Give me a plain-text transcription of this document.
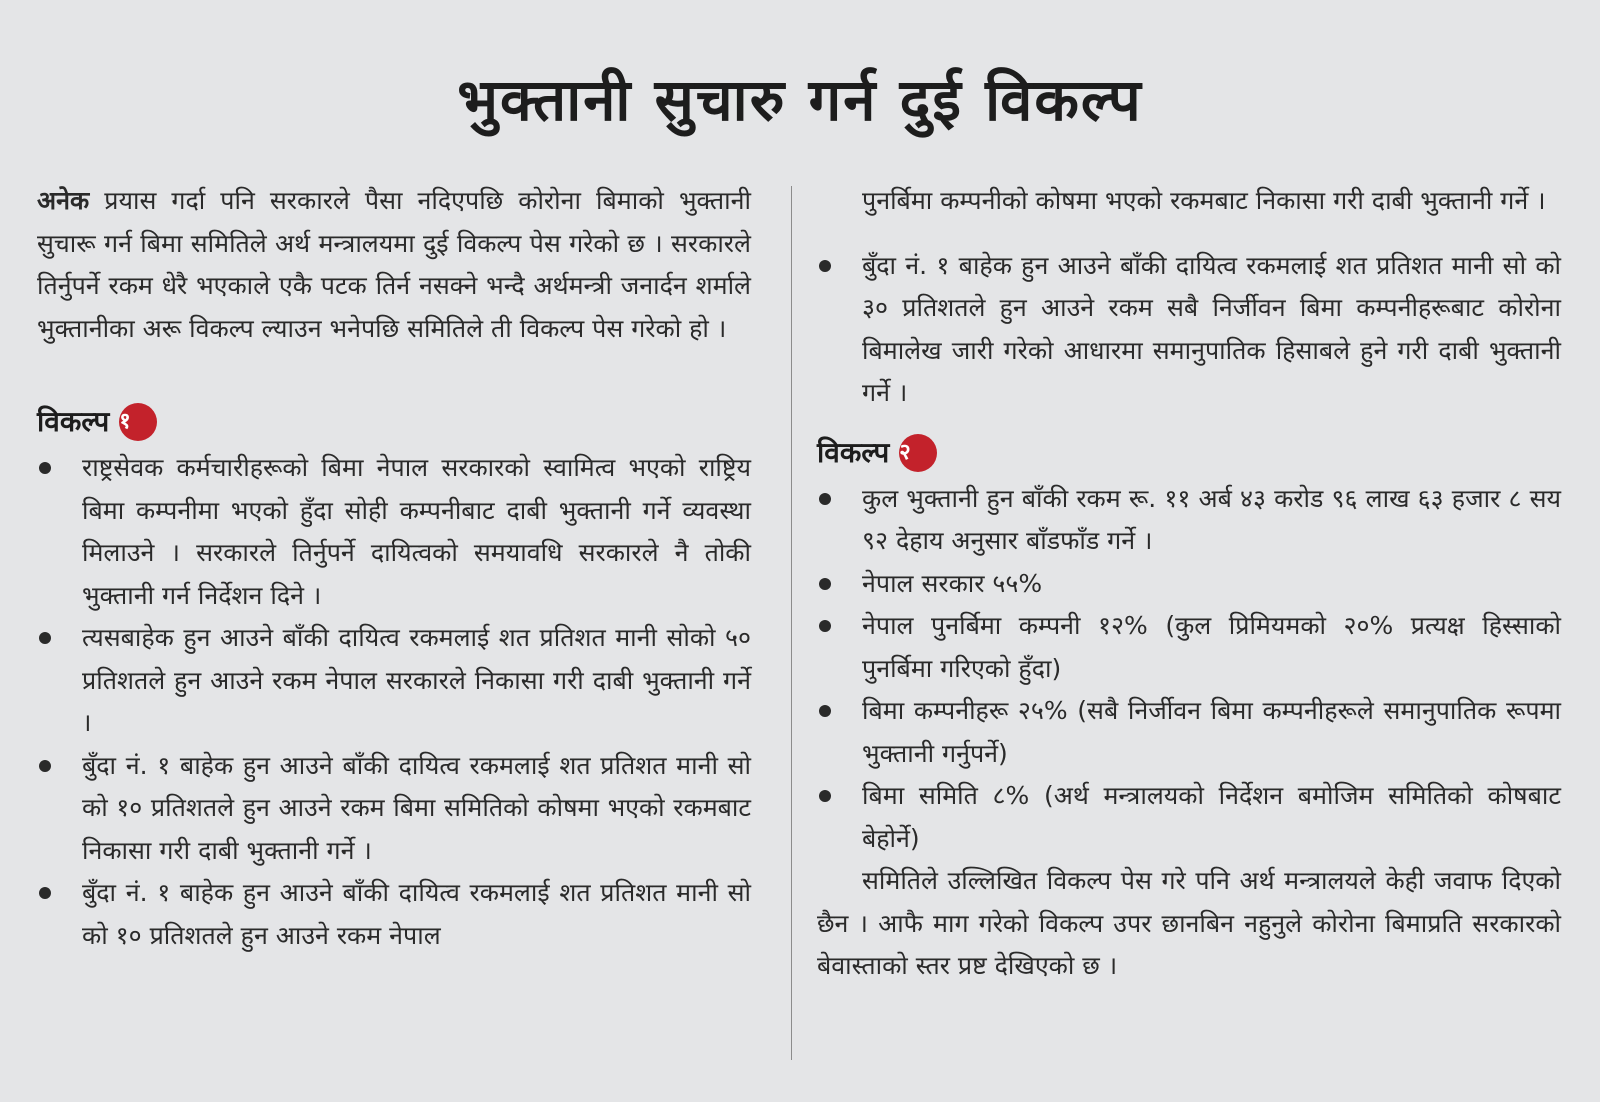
भुक्तानी सुचारु गर्न दुई विकल्प

अनेक प्रयास गर्दा पनि सरकारले पैसा नदिएपछि कोरोना बिमाको भुक्तानी सुचारू गर्न बिमा समितिले अर्थ मन्त्रालयमा दुई विकल्प पेस गरेको छ । सरकारले तिर्नुपर्ने रकम धेरै भएकाले एकै पटक तिर्न नसक्ने भन्दै अर्थमन्त्री जनार्दन शर्माले भुक्तानीका अरू विकल्प ल्याउन भनेपछि समितिले ती विकल्प पेस गरेको हो ।

विकल्प १
राष्ट्रसेवक कर्मचारीहरूको बिमा नेपाल सरकारको स्वामित्व भएको राष्ट्रिय बिमा कम्पनीमा भएको हुँदा सोही कम्पनीबाट दाबी भुक्तानी गर्ने व्यवस्था मिलाउने । सरकारले तिर्नुपर्ने दायित्वको समयावधि सरकारले नै तोकी भुक्तानी गर्न निर्देशन दिने ।
त्यसबाहेक हुन आउने बाँकी दायित्व रकमलाई शत प्रतिशत मानी सोको ५० प्रतिशतले हुन आउने रकम नेपाल सरकारले निकासा गरी दाबी भुक्तानी गर्ने ।
बुँदा नं. १ बाहेक हुन आउने बाँकी दायित्व रकमलाई शत प्रतिशत मानी सो को १० प्रतिशतले हुन आउने रकम बिमा समितिको कोषमा भएको रकमबाट निकासा गरी दाबी भुक्तानी गर्ने ।
बुँदा नं. १ बाहेक हुन आउने बाँकी दायित्व रकमलाई शत प्रतिशत मानी सो को १० प्रतिशतले हुन आउने रकम नेपाल

पुनर्बिमा कम्पनीको कोषमा भएको रकमबाट निकासा गरी दाबी भुक्तानी गर्ने ।

बुँदा नं. १ बाहेक हुन आउने बाँकी दायित्व रकमलाई शत प्रतिशत मानी सो को ३० प्रतिशतले हुन आउने रकम सबै निर्जीवन बिमा कम्पनीहरूबाट कोरोना बिमालेख जारी गरेको आधारमा समानुपातिक हिसाबले हुने गरी दाबी भुक्तानी गर्ने ।
विकल्प २
कुल भुक्तानी हुन बाँकी रकम रू. ११ अर्ब ४३ करोड ९६ लाख ६३ हजार ८ सय ९२ देहाय अनुसार बाँडफाँड गर्ने ।
नेपाल सरकार ५५%
नेपाल पुनर्बिमा कम्पनी १२% (कुल प्रिमियमको २०% प्रत्यक्ष हिस्साको पुनर्बिमा गरिएको हुँदा)
बिमा कम्पनीहरू २५% (सबै निर्जीवन बिमा कम्पनीहरूले समानुपातिक रूपमा भुक्तानी गर्नुपर्ने)
बिमा समिति ८% (अर्थ मन्त्रालयको निर्देशन बमोजिम समितिको कोषबाट बेहोर्ने)

समितिले उल्लिखित विकल्प पेस गरे पनि अर्थ मन्त्रालयले केही जवाफ दिएको छैन । आफै माग गरेको विकल्प उपर छानबिन नहुनुले कोरोना बिमाप्रति सरकारको बेवास्ताको स्तर प्रष्ट देखिएको छ ।
